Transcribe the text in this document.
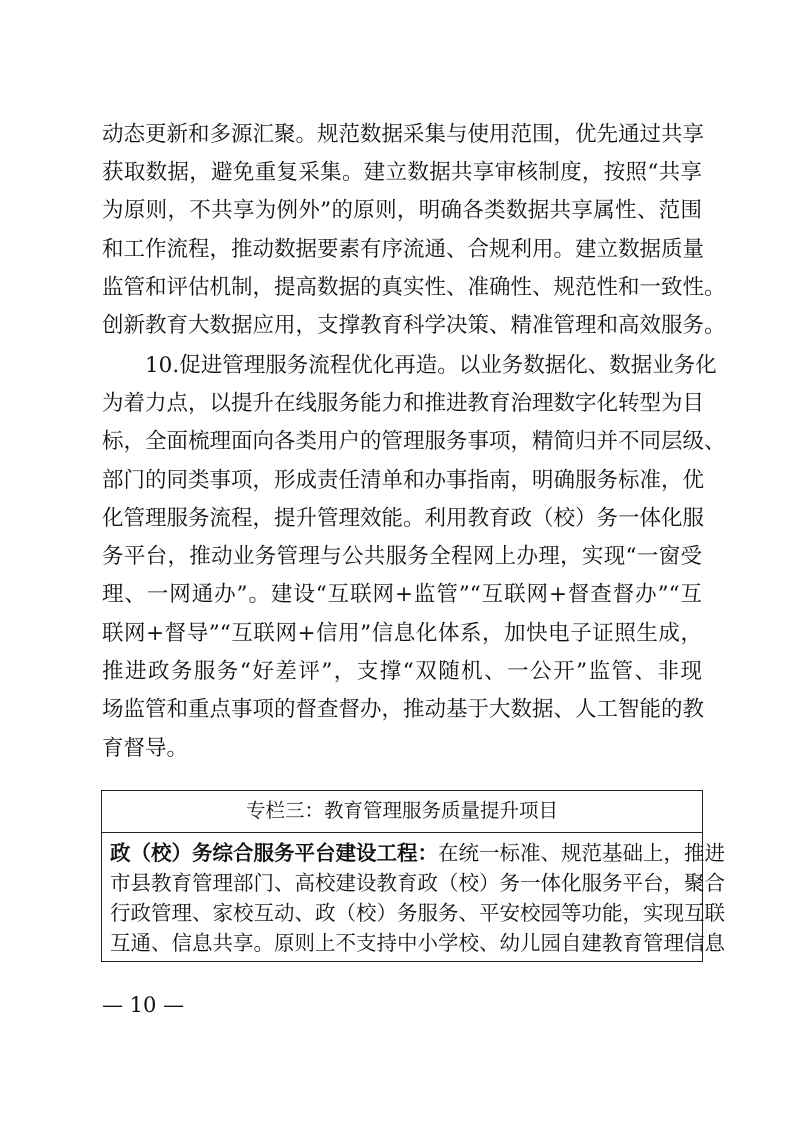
动态更新和多源汇聚。规范数据采集与使用范围，优先通过共享
获取数据，避免重复采集。建立数据共享审核制度，按照“共享
为原则，不共享为例外”的原则，明确各类数据共享属性、范围
和工作流程，推动数据要素有序流通、合规利用。建立数据质量
监管和评估机制，提高数据的真实性、准确性、规范性和一致性。
创新教育大数据应用，支撑教育科学决策、精准管理和高效服务。
10.促进管理服务流程优化再造。以业务数据化、数据业务化
为着力点，以提升在线服务能力和推进教育治理数字化转型为目
标，全面梳理面向各类用户的管理服务事项，精简归并不同层级、
部门的同类事项，形成责任清单和办事指南，明确服务标准，优
化管理服务流程，提升管理效能。利用教育政（校）务一体化服
务平台，推动业务管理与公共服务全程网上办理，实现“一窗受
理、一网通办”。建设“互联网+监管”“互联网+督查督办”“互
联网+督导”“互联网+信用”信息化体系，加快电子证照生成，
推进政务服务“好差评”，支撑“双随机、一公开”监管、非现
场监管和重点事项的督查督办，推动基于大数据、人工智能的教
育督导。
专栏三：教育管理服务质量提升项目
政（校）务综合服务平台建设工程：在统一标准、规范基础上，推进
市县教育管理部门、高校建设教育政（校）务一体化服务平台，聚合
行政管理、家校互动、政（校）务服务、平安校园等功能，实现互联
互通、信息共享。原则上不支持中小学校、幼儿园自建教育管理信息
— 10 —
